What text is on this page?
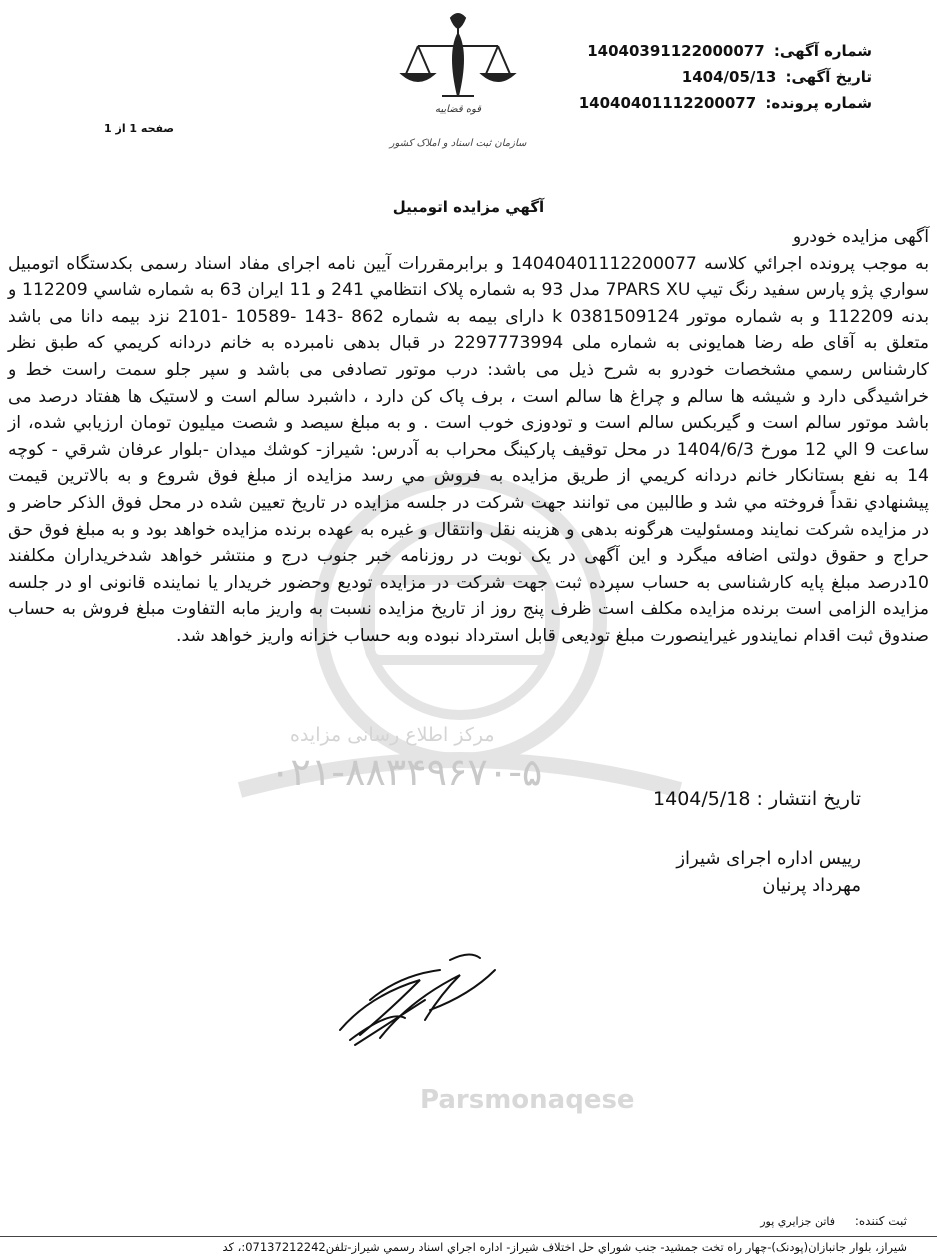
مرکز اطلاع رسانی مزایده
۰۲۱-۸۸۳۴۹۶۷۰-۵
Parsmonaqese
شماره آگهی: 14040391122000077
تاریخ آگهی: 1404/05/13
شماره پرونده: 14040401112200077
صفحه 1 از 1
قوه قضاییه
سازمان ثبت اسناد و املاک کشور
آگهي مزايده اتومبيل

آگهی مزایده خودرو

به موجب پرونده اجرائي كلاسه 14040401112200077 و برابرمقررات آيين نامه اجرای مفاد اسناد رسمی بکدستگاه اتومبيل سواري پژو پارس سفيد رنگ تيپ 7PARS XU مدل 93 به شماره پلاک انتظامي 241 و 11 ايران 63 به شماره شاسي 112209 و بدنه 112209 و به شماره موتور 0381509124 k دارای بیمه به شماره 862 -143 -10589 -2101 نزد بیمه دانا می باشد متعلق به آقای طه رضا همایونی به شماره ملی 2297773994 در قبال بدهی نامبرده به خانم دردانه کریمي که طبق نظر کارشناس رسمي مشخصات خودرو به شرح ذیل می باشد: درب موتور تصادفی می باشد و سپر جلو سمت راست خط و خراشیدگی دارد و شیشه ها سالم و چراغ ها سالم است ، برف پاک کن دارد ، داشبرد سالم است و لاستیک ها هفتاد درصد می باشد موتور سالم است و گیربکس سالم است و تودوزی خوب است . و به مبلغ سیصد و شصت میلیون تومان ارزيابي شده، از ساعت 9 الي 12 مورخ 1404/6/3 در محل توقيف پاركينگ محراب به آدرس: شیراز- کوشك ميدان -بلوار عرفان شرقي - کوچه 14 به نفع بستانكار خانم دردانه كريمي از طريق مزايده به فروش مي رسد مزايده از مبلغ فوق شروع و به بالاترين قيمت پيشنهادي نقداً فروخته مي شد و طالبين می توانند جهت شرکت در جلسه مزایده در تاریخ تعیین شده در محل فوق الذکر حاضر و در مزایده شرکت نمایند ومسئولیت هرگونه بدهی و هزینه نقل وانتقال و غیره به عهده برنده مزایده خواهد بود و به مبلغ فوق حق حراج و حقوق دولتی اضافه میگرد و این آگهی در یک نوبت در روزنامه خبر جنوب درج و منتشر خواهد شدخریداران مكلفند 10درصد مبلغ پايه كارشناسی به حساب سپرده ثبت جهت شركت در مزايده توديع وحضور خريدار يا نماينده قانونی او در جلسه مزايده الزامی است برنده مزايده مكلف است ظرف پنج روز از تاريخ مزايده نسبت به واريز مابه التفاوت مبلغ فروش به حساب صندوق ثبت اقدام نمايندور غيراينصورت مبلغ توديعی قابل استرداد نبوده وبه حساب خزانه واريز خواهد شد.

تاریخ انتشار : 1404/5/18
رییس اداره اجرای شیراز
مهرداد پرنیان
ثبت كننده: فاتن جزايري پور
شيراز، بلوار جانبازان(پودنک)-چهار راه تخت جمشید- جنب شوراي حل اختلاف شيراز- اداره اجراي اسناد رسمي شيراز-تلفن07137212242:، کد
